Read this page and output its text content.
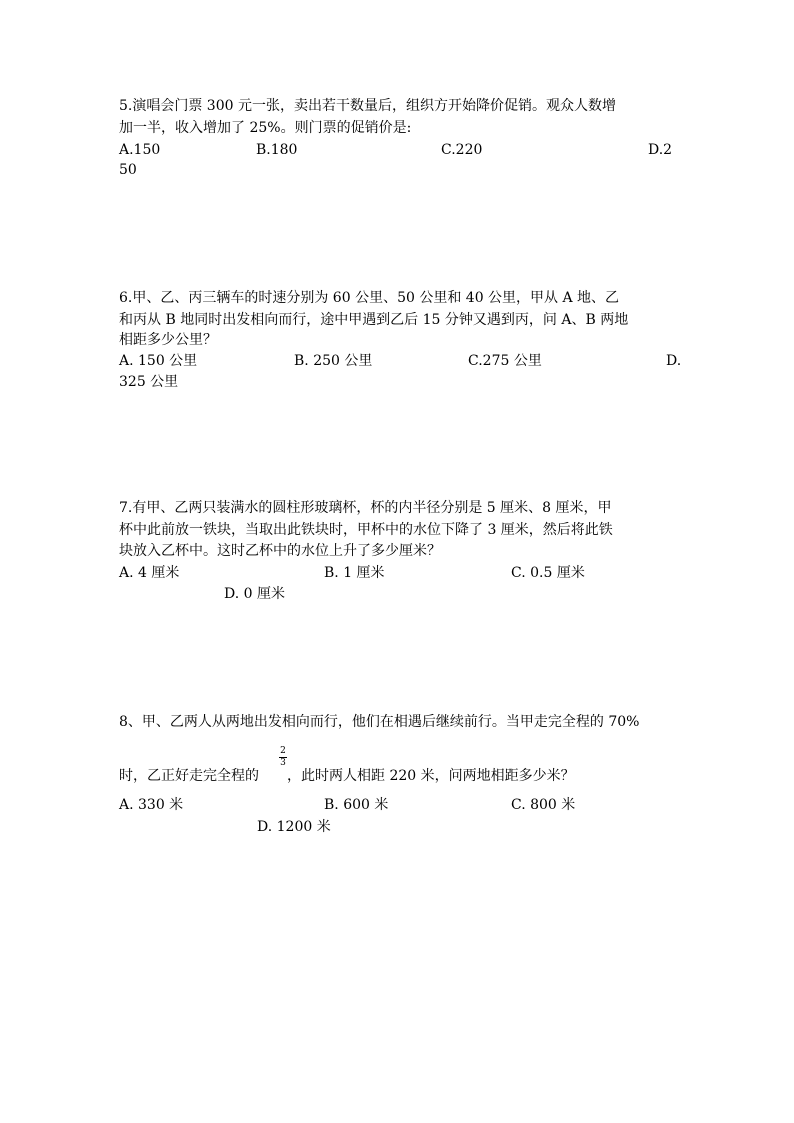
5.演唱会门票 300 元一张，卖出若干数量后，组织方开始降价促销。观众人数增
加一半，收入增加了 25%。则门票的促销价是:
A.150	B.180	C.220	D.2
50
6.甲、乙、丙三辆车的时速分别为 60 公里、50 公里和 40 公里，甲从 A 地、乙
和丙从 B 地同时出发相向而行，途中甲遇到乙后 15 分钟又遇到丙，问 A、B 两地
相距多少公里？
A. 150 公里	B. 250 公里	C.275 公里	D.
325 公里
7.有甲、乙两只装满水的圆柱形玻璃杯，杯的内半径分别是 5 厘米、8 厘米，甲
杯中此前放一铁块，当取出此铁块时，甲杯中的水位下降了 3 厘米，然后将此铁
块放入乙杯中。这时乙杯中的水位上升了多少厘米？
A. 4 厘米	B. 1 厘米	C. 0.5 厘米
D. 0 厘米
8、甲、乙两人从两地出发相向而行，他们在相遇后继续前行。当甲走完全程的 70%
时，乙正好走完全程的
2
3
，此时两人相距 220 米，问两地相距多少米？
A. 330 米	B. 600 米	C. 800 米
D. 1200 米
